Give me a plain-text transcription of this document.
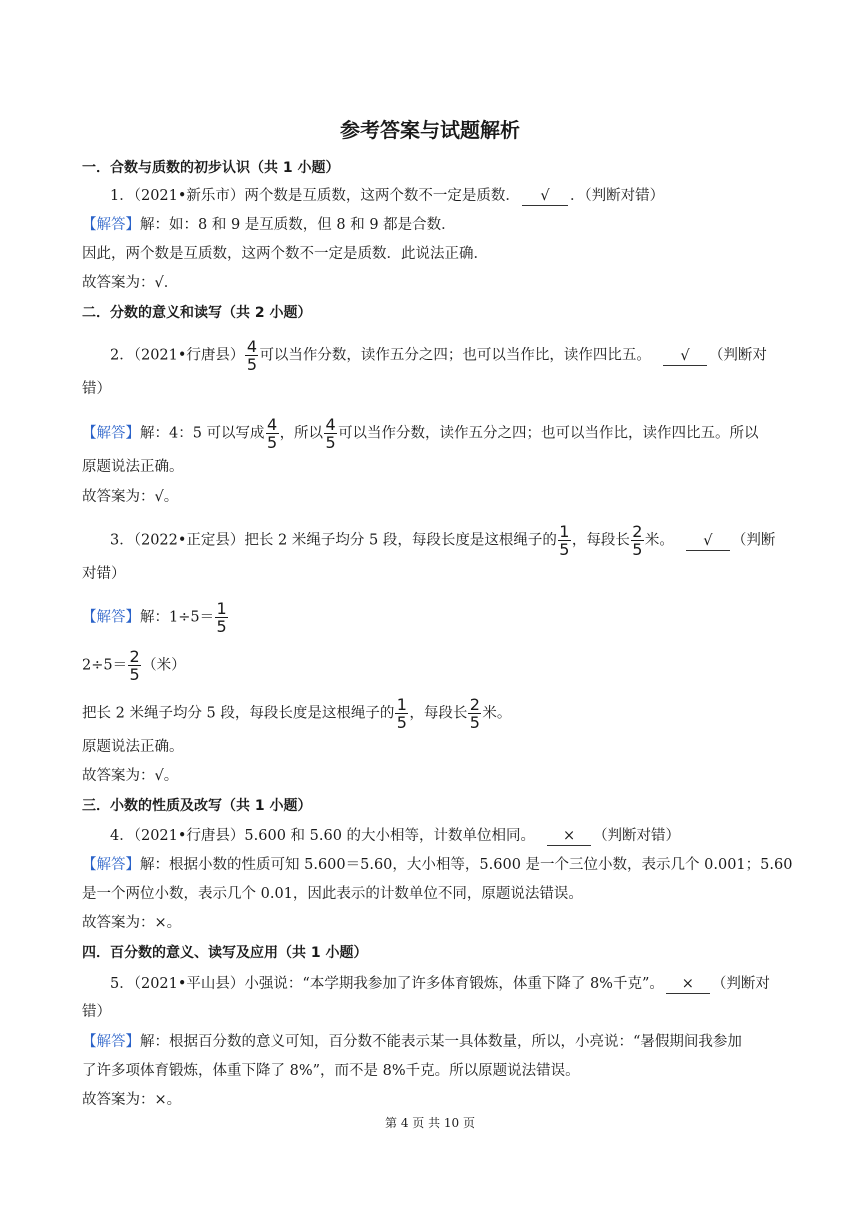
参考答案与试题解析
一．合数与质数的初步认识（共 1 小题）
1．（2021•新乐市）两个数是互质数，这两个数不一定是质数． √ ．（判断对错）
【解答】解：如：8 和 9 是互质数，但 8 和 9 都是合数．
因此，两个数是互质数，这两个数不一定是质数．此说法正确．
故答案为：√．
二．分数的意义和读写（共 2 小题）
2．（2021•行唐县） $\frac{4}{5}$ 可以当作分数，读作五分之四；也可以当作比，读作四比五。 √ （判断对
错）
【解答】解：4：5 可以写成 $\frac{4}{5}$ ，所以 $\frac{4}{5}$ 可以当作分数，读作五分之四；也可以当作比，读作四比五。所以
原题说法正确。
故答案为：√。
3．（2022•正定县）把长 2 米绳子均分 5 段，每段长度是这根绳子的 $\frac{1}{5}$ ，每段长 $\frac{2}{5}$ 米。 √ （判断
对错）
【解答】解：$1\div 5= \frac{1}{5}$
$2\div 5= \frac{2}{5}$ （米）
把长 2 米绳子均分 5 段，每段长度是这根绳子的 $\frac{1}{5}$ ，每段长 $\frac{2}{5}$ 米。
原题说法正确。
故答案为：√。
三．小数的性质及改写（共 1 小题）
4．（2021•行唐县）5.600 和 5.60 的大小相等，计数单位相同。 × （判断对错）
【解答】解：根据小数的性质可知 5.600＝5.60，大小相等，5.600 是一个三位小数，表示几个 0.001；5.60
是一个两位小数，表示几个 0.01，因此表示的计数单位不同，原题说法错误。
故答案为：×。
四．百分数的意义、读写及应用（共 1 小题）
5．（2021•平山县）小强说：“本学期我参加了许多体育锻炼，体重下降了 8%千克”。 × （判断对
错）
【解答】解：根据百分数的意义可知，百分数不能表示某一具体数量，所以，小亮说：“暑假期间我参加
了许多项体育锻炼，体重下降了 8%”，而不是 8%千克。所以原题说法错误。
故答案为：×。
第 4 页 共 10 页
